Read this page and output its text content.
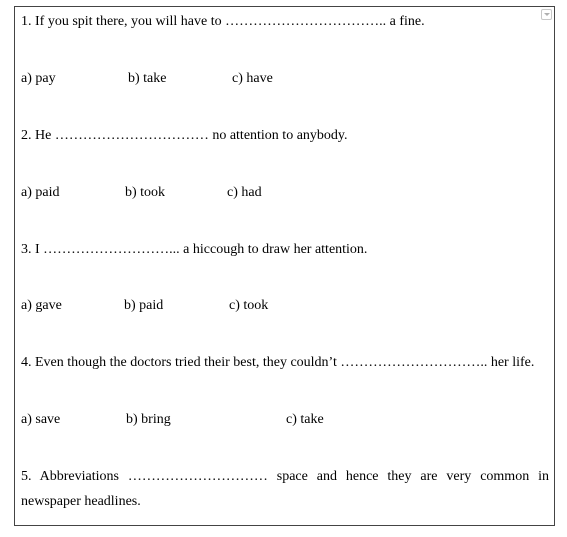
1. If you spit there, you will have to …………………………….. a fine.
a) pay	b) take	c) have
2. He …………………………… no attention to anybody.
a) paid	b) took	c) had
3. I ………………………... a hiccough to draw her attention.
a) gave	b) paid	c) took
4. Even though the doctors tried their best, they couldn’t ………………………….. her life.
a) save	b) bring	c) take
5. Abbreviations ………………………… space and hence they are very common in newspaper headlines.
